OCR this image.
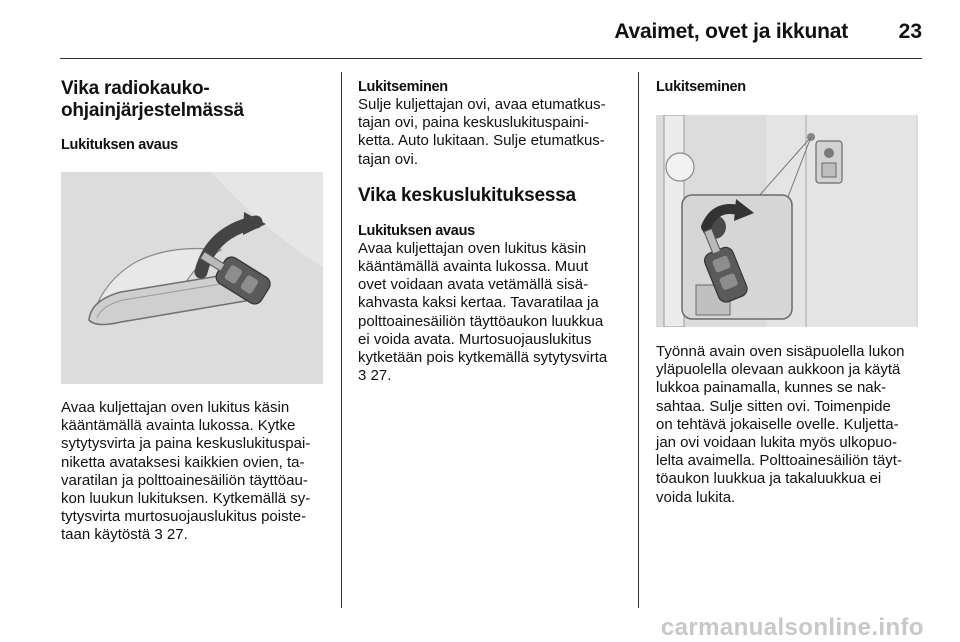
Avaimet, ovet ja ikkunat 23
Vika radiokauko-
ohjainjärjestelmässä
Lukituksen avaus

Avaa kuljettajan oven lukitus käsin

kääntämällä avainta lukossa. Kytke

sytytysvirta ja paina keskuslukituspai-

niketta avataksesi kaikkien ovien, ta-

varatilan ja polttoainesäiliön täyttöau-

kon luukun lukituksen. Kytkemällä sy-

tytysvirta murtosuojauslukitus poiste-

taan käytöstä 3 27.

Lukitseminen

Sulje kuljettajan ovi, avaa etumatkus-

tajan ovi, paina keskuslukituspaini-

ketta. Auto lukitaan. Sulje etumatkus-

tajan ovi.

Vika keskuslukituksessa
Lukituksen avaus

Avaa kuljettajan oven lukitus käsin

kääntämällä avainta lukossa. Muut

ovet voidaan avata vetämällä sisä-

kahvasta kaksi kertaa. Tavaratilaa ja

polttoainesäiliön täyttöaukon luukkua

ei voida avata. Murtosuojauslukitus

kytketään pois kytkemällä sytytysvirta

3 27.

Lukitseminen

Työnnä avain oven sisäpuolella lukon

yläpuolella olevaan aukkoon ja käytä

lukkoa painamalla, kunnes se nak-

sahtaa. Sulje sitten ovi. Toimenpide

on tehtävä jokaiselle ovelle. Kuljetta-

jan ovi voidaan lukita myös ulkopuo-

lelta avaimella. Polttoainesäiliön täyt-

töaukon luukkua ja takaluukkua ei

voida lukita.

carmanualsonline.info
